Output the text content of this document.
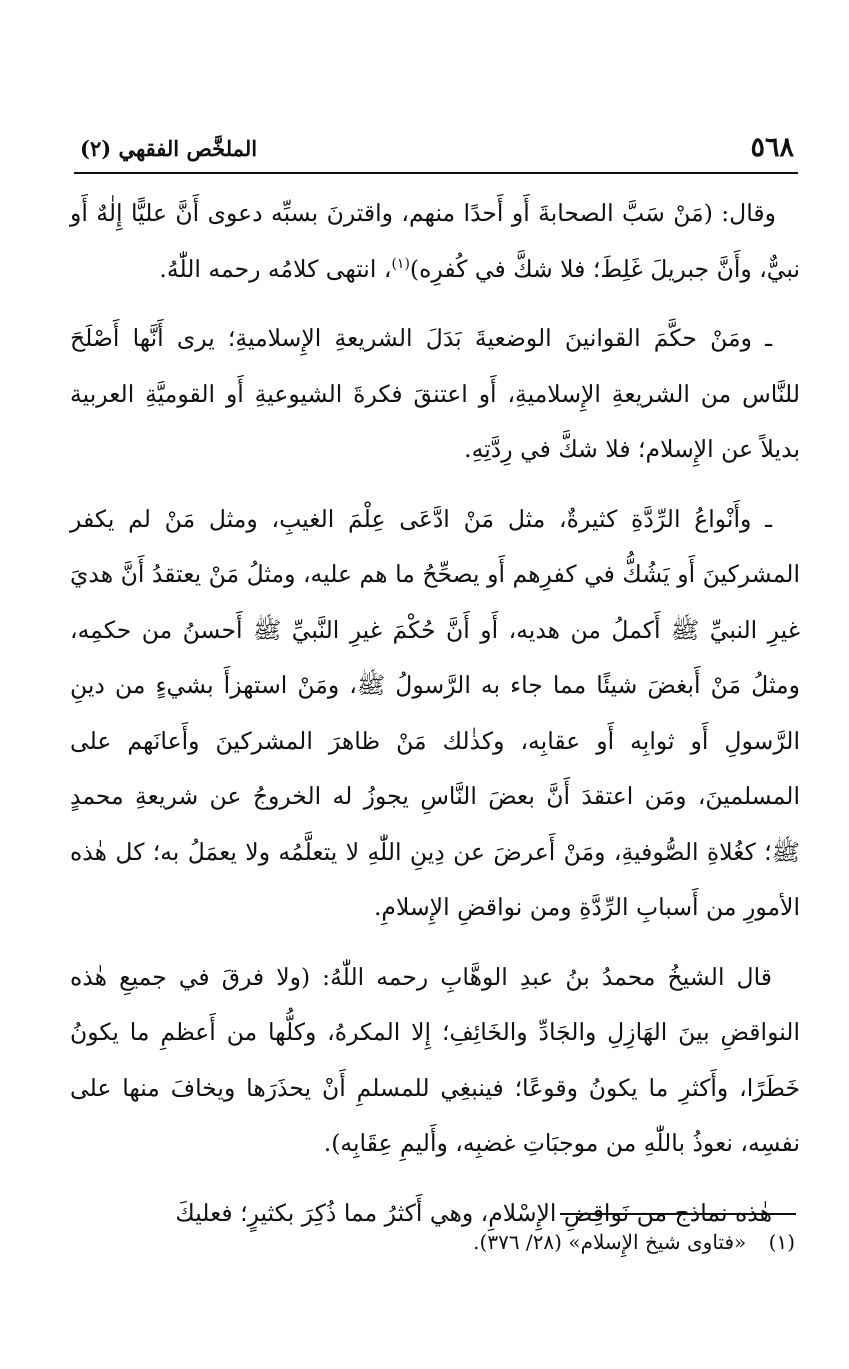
٥٦٨
الملخَّص الفقهي (٢)

وقال: (مَنْ سَبَّ الصحابةَ أَو أَحدًا منهم، واقترنَ بسبِّه دعوى أَنَّ عليًّا إِلٰهٌ أَو نبيٌّ، وأَنَّ جبريلَ غَلِطَ؛ فلا شكَّ في كُفرِه)$^{(١)}$، انتهى كلامُه رحمه اللّٰهُ.

ـ ومَنْ حكَّمَ القوانينَ الوضعيةَ بَدَلَ الشريعةِ الإِسلاميةِ؛ يرى أَنَّها أَصْلَحَ للنَّاس من الشريعةِ الإِسلاميةِ، أَو اعتنقَ فكرةَ الشيوعيةِ أَو القوميَّةِ العربية بديلاً عن الإِسلام؛ فلا شكَّ في رِدَّتِهِ.

ـ وأَنْواعُ الرِّدَّةِ كثيرةٌ، مثل مَنْ ادَّعَى عِلْمَ الغيبِ، ومثل مَنْ لم يكفر المشركينَ أَو يَشُكُّ في كفرِهم أَو يصحِّحُ ما هم عليه، ومثلُ مَنْ يعتقدُ أَنَّ هديَ غيرِ النبيِّ ﷺ أَكملُ من هديه، أَو أَنَّ حُكْمَ غيرِ النَّبيِّ ﷺ أَحسنُ من حكمِه، ومثلُ مَنْ أَبغضَ شيئًا مما جاء به الرَّسولُ ﷺ، ومَنْ استهزأَ بشيءٍ من دينِ الرَّسولِ أَو ثوابِه أَو عقابِه، وكذٰلك مَنْ ظاهرَ المشركينَ وأَعانَهم على المسلمينَ، ومَن اعتقدَ أَنَّ بعضَ النَّاسِ يجوزُ له الخروجُ عن شريعةِ محمدٍ ﷺ؛ كغُلاةِ الصُّوفيةِ، ومَنْ أَعرضَ عن دِينِ اللّٰهِ لا يتعلَّمُه ولا يعمَلُ به؛ كل هٰذه الأمورِ من أَسبابِ الرِّدَّةِ ومن نواقضِ الإِسلامِ.

قال الشيخُ محمدُ بنُ عبدِ الوهَّابِ رحمه اللّٰهُ: (ولا فرقَ في جميعِ هٰذه النواقضِ بينَ الهَازِلِ والجَادِّ والخَائِفِ؛ إِلا المكرهُ، وكلُّها من أَعظمِ ما يكونُ خَطَرًا، وأَكثرِ ما يكونُ وقوعًا؛ فينبغِي للمسلمِ أَنْ يحذَرَها ويخافَ منها على نفسِه، نعوذُ باللّٰهِ من موجبَاتِ غضبِه، وأَليمِ عِقَابِه).

هٰذه نماذج من نَواقِضِ الإِسْلامِ، وهي أَكثرُ مما ذُكِرَ بكثيرٍ؛ فعليكَ

(١) «فتاوى شيخ الإِسلام» (٢٨/ ٣٧٦).
